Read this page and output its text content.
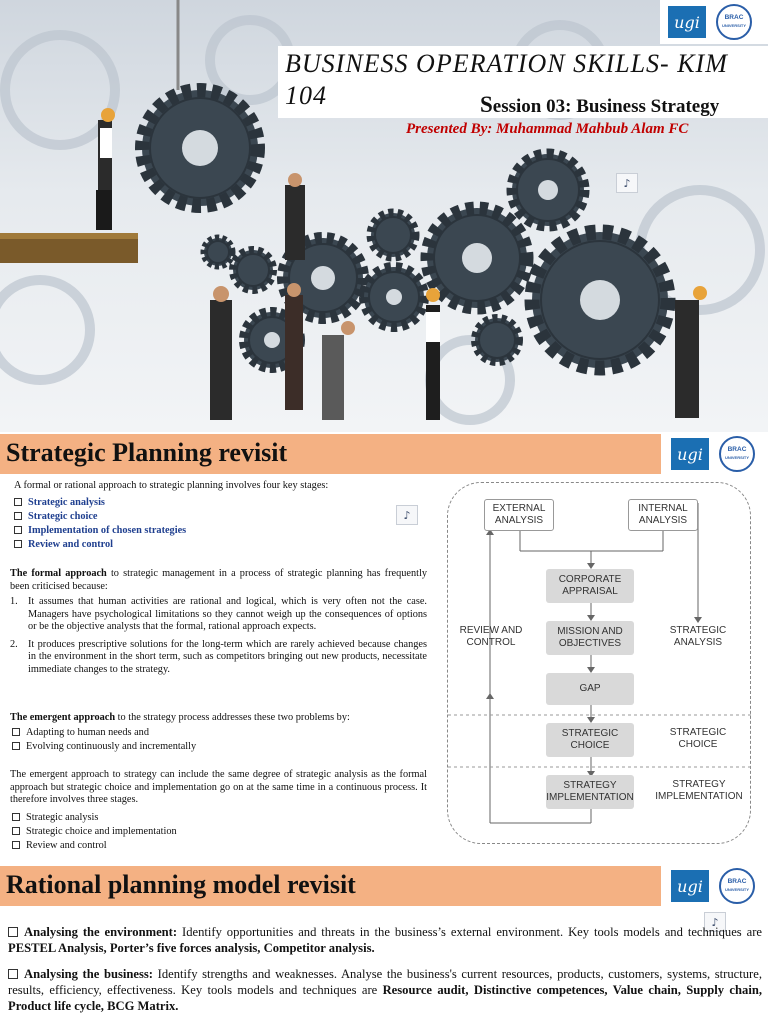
ugi	BRAC
UNIVERSITY
BUSINESS OPERATION SKILLS- KIM 104	Session 03: Business Strategy
Presented By: Muhammad Mahbub Alam FC
♪
Strategic Planning revisit	ugi	BRAC
UNIVERSITY
A formal or rational approach to strategic planning involves four key stages:
Strategic analysis
Strategic choice
Implementation of chosen strategies
Review and control
♪
The formal approach to strategic management in a process of strategic planning has frequently been criticised because:
1. It assumes that human activities are rational and logical, which is very often not the case. Managers have psychological limitations so they cannot weigh up the consequences of options or be the objective analysts that the formal, rational approach expects.
2. It produces prescriptive solutions for the long-term which are rarely achieved because changes in the environment in the short term, such as competitors bringing out new products, necessitate immediate changes to the strategy.
The emergent approach to the strategy process addresses these two problems by:
Adapting to human needs and
Evolving continuously and incrementally
The emergent approach to strategy can include the same degree of strategic analysis as the formal approach but strategic choice and implementation go on at the same time in a continuous process. It therefore involves three stages.
Strategic analysis
Strategic choice and implementation
Review and control
EXTERNAL
ANALYSIS
INTERNAL
ANALYSIS
CORPORATE
APPRAISAL
MISSION AND
OBJECTIVES
GAP
STRATEGIC
CHOICE
STRATEGY
IMPLEMENTATION
REVIEW AND
CONTROL
STRATEGIC
ANALYSIS
STRATEGIC
CHOICE
STRATEGY
IMPLEMENTATION
Rational planning model revisit	ugi	BRAC
UNIVERSITY
♪
Analysing the environment: Identify opportunities and threats in the business’s external environment. Key tools models and techniques are PESTEL Analysis, Porter’s five forces analysis, Competitor analysis.
Analysing the business: Identify strengths and weaknesses. Analyse the business's current resources, products, customers, systems, structure, results, efficiency, effectiveness. Key tools models and techniques are Resource audit, Distinctive competences, Value chain, Supply chain, Product life cycle, BCG Matrix.
